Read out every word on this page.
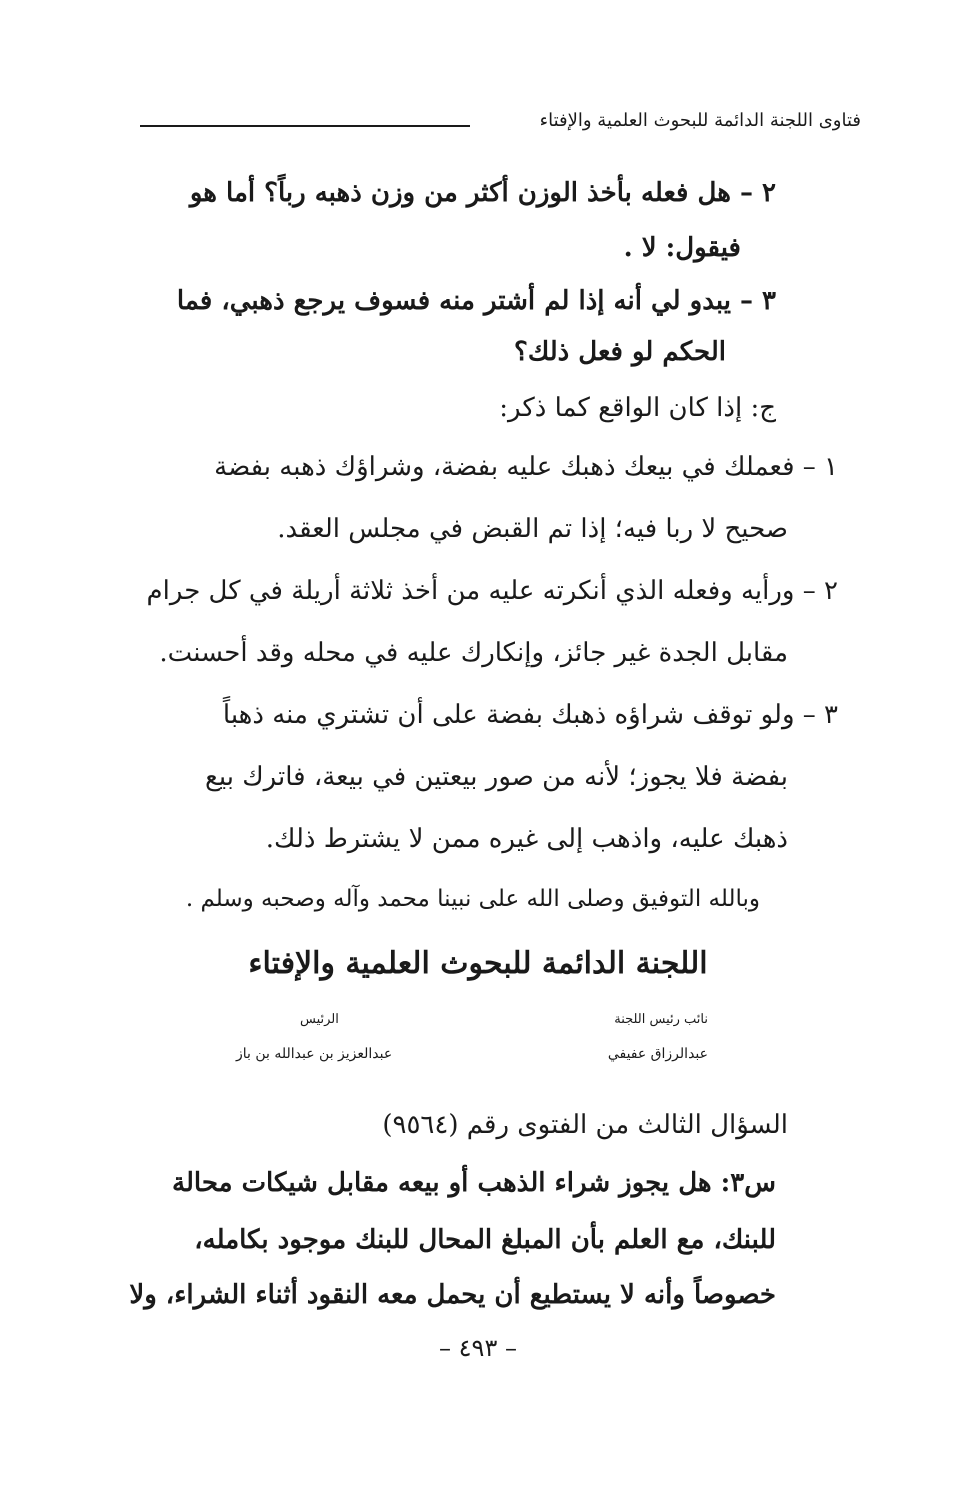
فتاوى اللجنة الدائمة للبحوث العلمية والإفتاء
٢ – هل فعله بأخذ الوزن أكثر من وزن ذهبه رباً؟ أما هو
فيقول: لا .
٣ – يبدو لي أنه إذا لم أشتر منه فسوف يرجع ذهبي، فما
الحكم لو فعل ذلك؟
ج: إذا كان الواقع كما ذكر:
١ – فعملك في بيعك ذهبك عليه بفضة، وشراؤك ذهبه بفضة
صحيح لا ربا فيه؛ إذا تم القبض في مجلس العقد.
٢ – ورأيه وفعله الذي أنكرته عليه من أخذ ثلاثة أريلة في كل جرام
مقابل الجدة غير جائز، وإنكارك عليه في محله وقد أحسنت.
٣ – ولو توقف شراؤه ذهبك بفضة على أن تشتري منه ذهباً
بفضة فلا يجوز؛ لأنه من صور بيعتين في بيعة، فاترك بيع
ذهبك عليه، واذهب إلى غيره ممن لا يشترط ذلك.
وبالله التوفيق وصلى الله على نبينا محمد وآله وصحبه وسلم .
اللجنة الدائمة للبحوث العلمية والإفتاء
نائب رئيس اللجنة
الرئيس
عبدالرزاق عفيفي
عبدالعزيز بن عبدالله بن باز
السؤال الثالث من الفتوى رقم (٩٥٦٤)
س٣: هل يجوز شراء الذهب أو بيعه مقابل شيكات محالة
للبنك، مع العلم بأن المبلغ المحال للبنك موجود بكامله،
خصوصاً وأنه لا يستطيع أن يحمل معه النقود أثناء الشراء، ولا
– ٤٩٣ –
